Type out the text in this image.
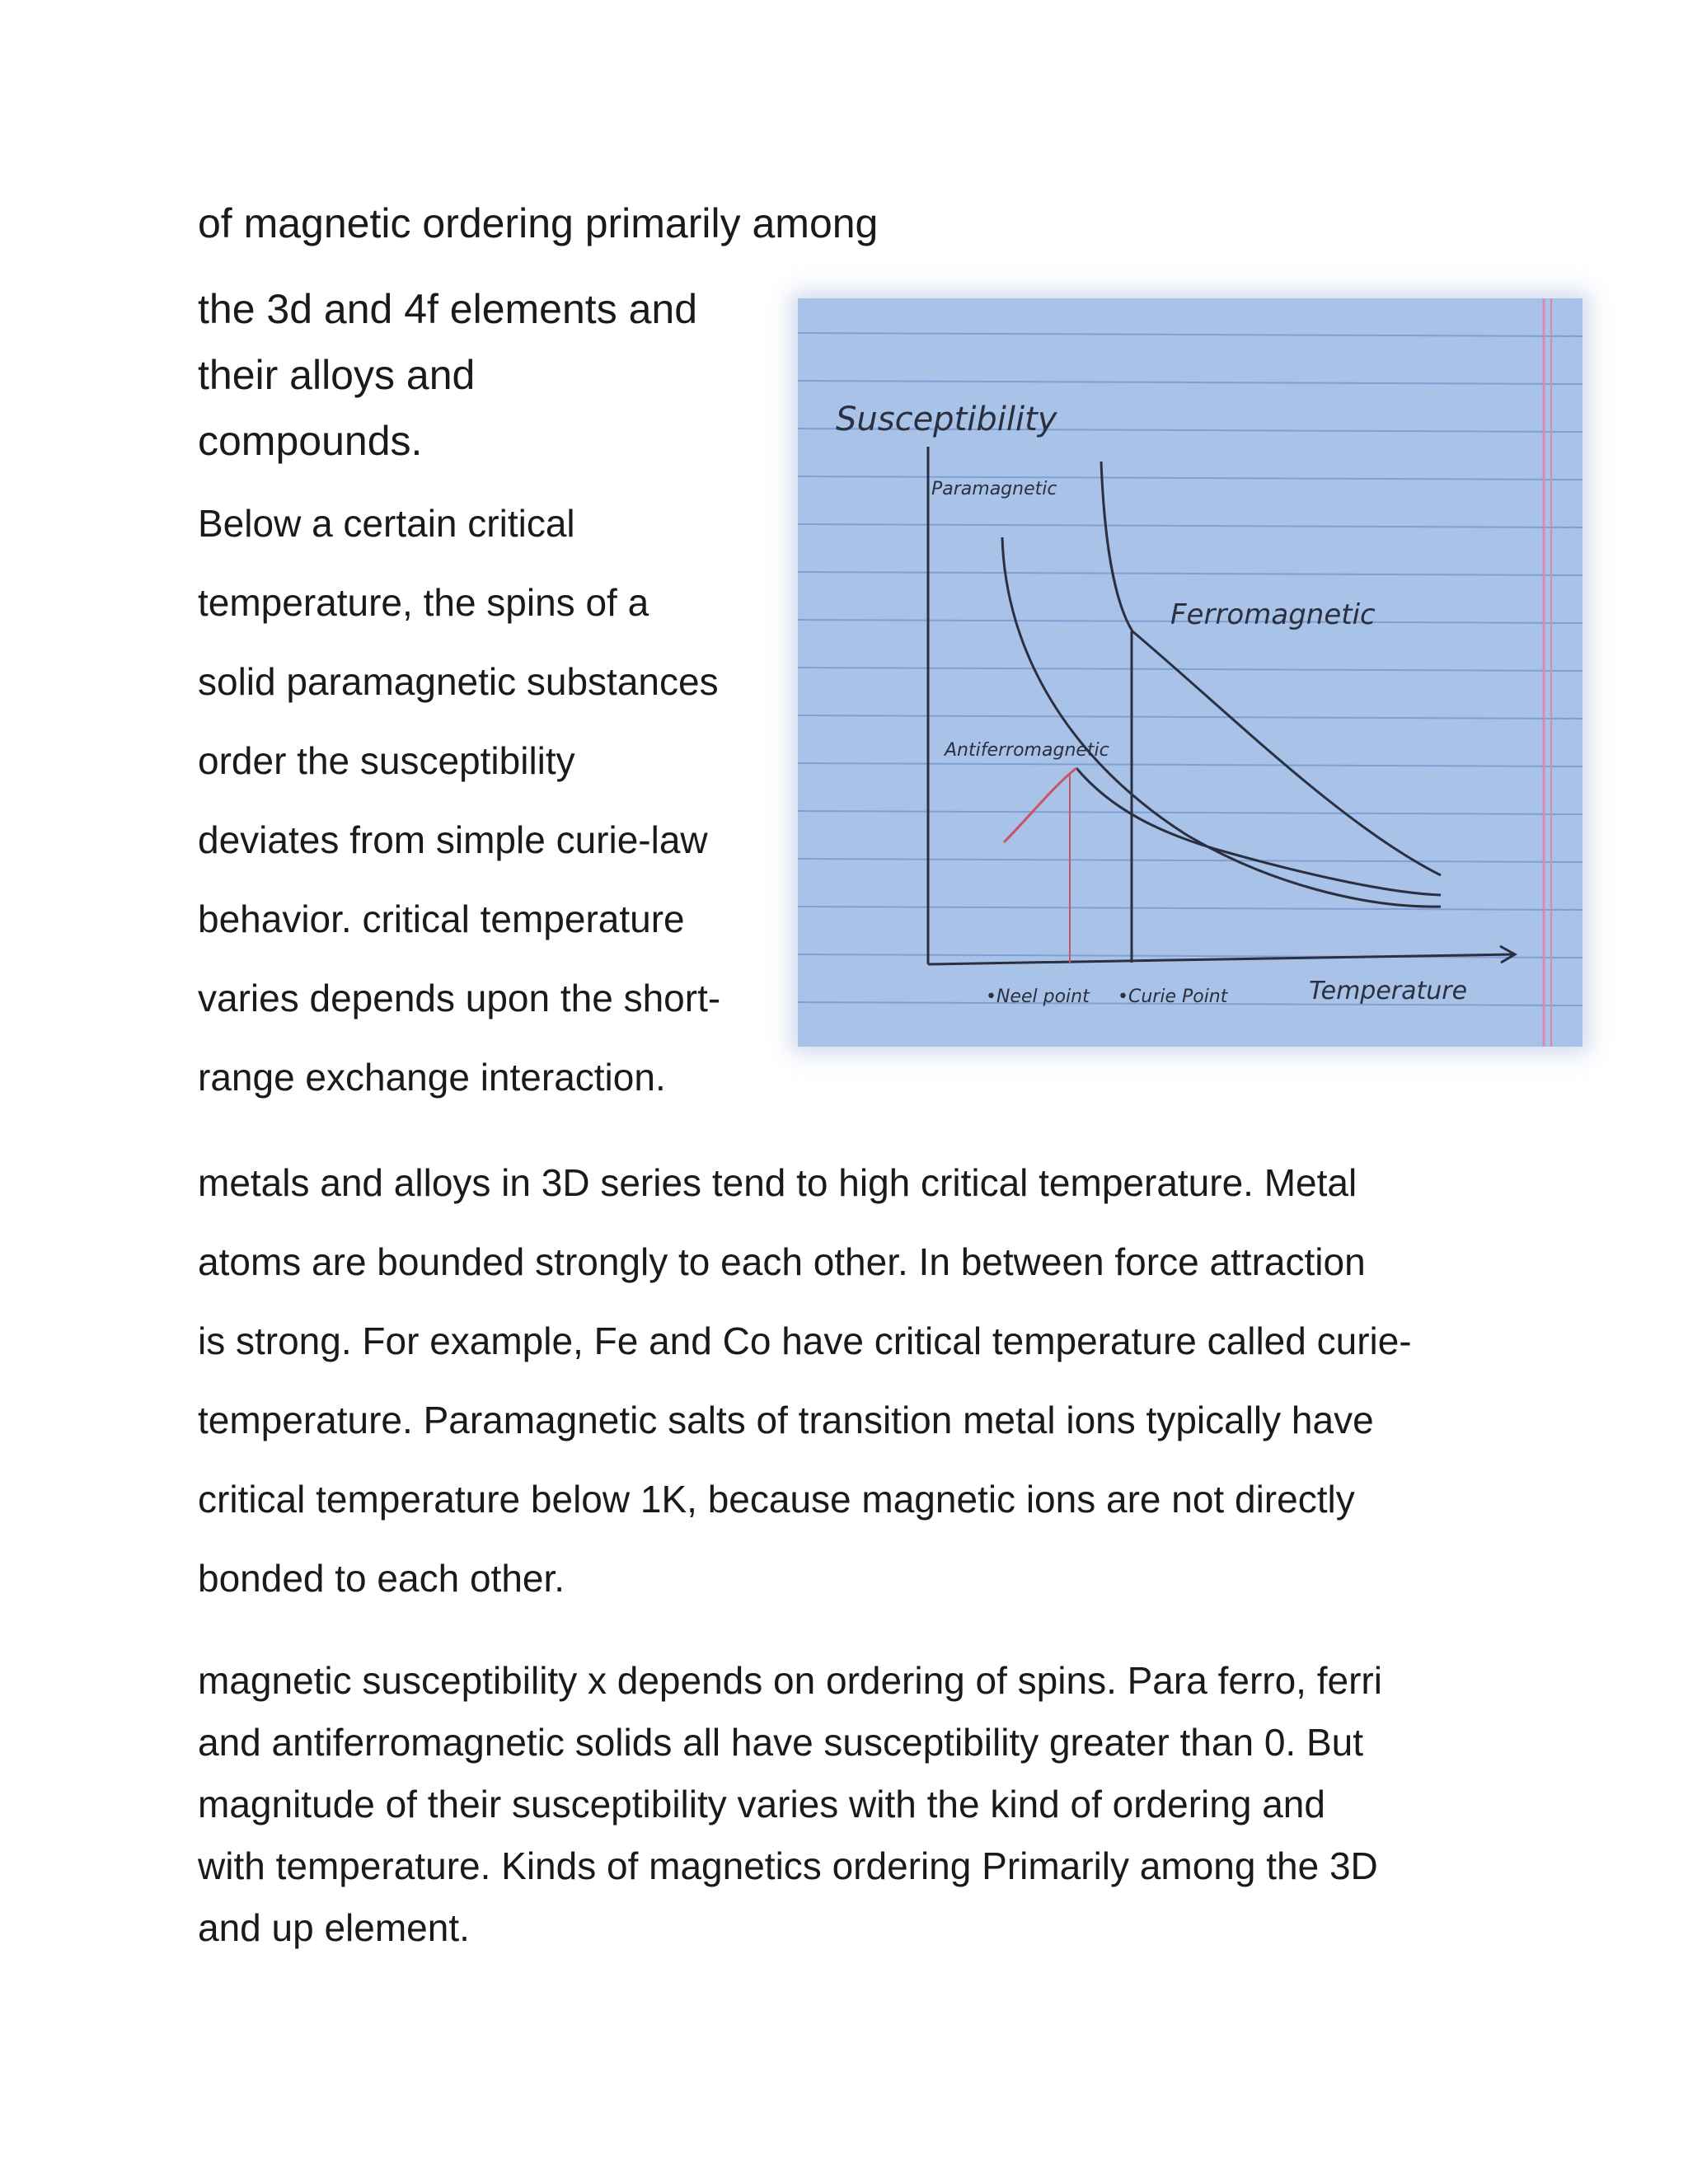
of magnetic ordering primarily among
the 3d and 4f elements and
their alloys and
compounds.
Below a certain critical
temperature, the spins of a
solid paramagnetic substances
order the susceptibility
deviates from simple curie-law
behavior. critical temperature
varies depends upon the short-
range exchange interaction.
metals and alloys in 3D series tend to high critical temperature. Metal
atoms are bounded strongly to each other. In between force attraction
is strong. For example, Fe and Co have critical temperature called curie-
temperature. Paramagnetic salts of transition metal ions typically have
critical temperature below 1K, because magnetic ions are not directly
bonded to each other.
magnetic susceptibility x depends on ordering of spins. Para ferro, ferri
and antiferromagnetic solids all have susceptibility greater than 0. But
magnitude of their susceptibility varies with the kind of ordering and
with temperature. Kinds of magnetics ordering Primarily among the 3D
and up element.
Susceptibility
Paramagnetic
Ferromagnetic
Antiferromagnetic
•Neel point •Curie Point	Temperature
